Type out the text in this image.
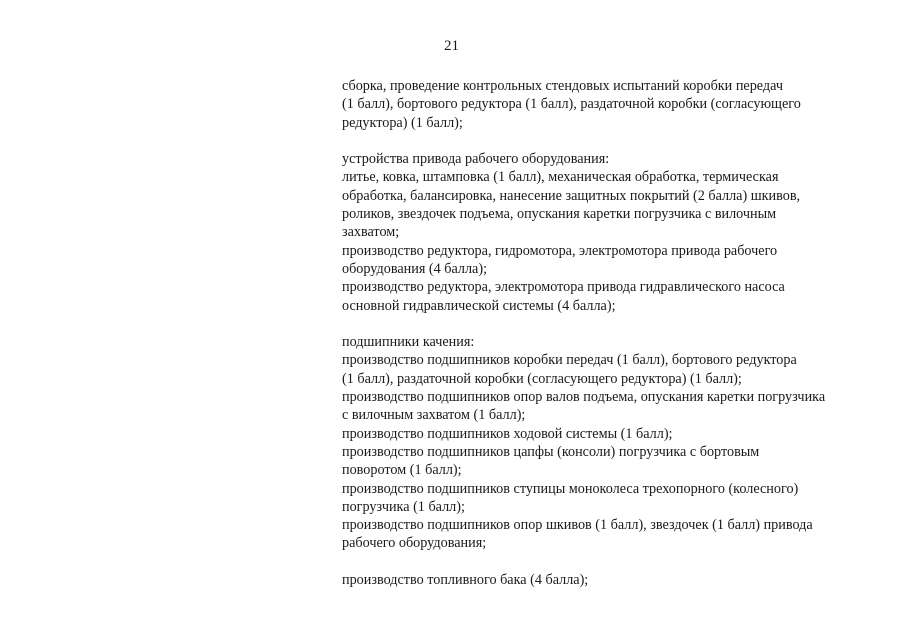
21
сборка, проведение контрольных стендовых испытаний коробки передач
(1 балл), бортового редуктора (1 балл), раздаточной коробки (согласующего
редуктора) (1 балл);
устройства привода рабочего оборудования:
литье, ковка, штамповка (1 балл), механическая обработка, термическая
обработка, балансировка, нанесение защитных покрытий (2 балла) шкивов,
роликов, звездочек подъема, опускания каретки погрузчика с вилочным
захватом;
производство редуктора, гидромотора, электромотора привода рабочего
оборудования (4 балла);
производство редуктора, электромотора привода гидравлического насоса
основной гидравлической системы (4 балла);
подшипники качения:
производство подшипников коробки передач (1 балл), бортового редуктора
(1 балл), раздаточной коробки (согласующего редуктора) (1 балл);
производство подшипников опор валов подъема, опускания каретки погрузчика
с вилочным захватом (1 балл);
производство подшипников ходовой системы (1 балл);
производство подшипников цапфы (консоли) погрузчика с бортовым
поворотом (1 балл);
производство подшипников ступицы моноколеса трехопорного (колесного)
погрузчика (1 балл);
производство подшипников опор шкивов (1 балл), звездочек (1 балл) привода
рабочего оборудования;
производство топливного бака (4 балла);
